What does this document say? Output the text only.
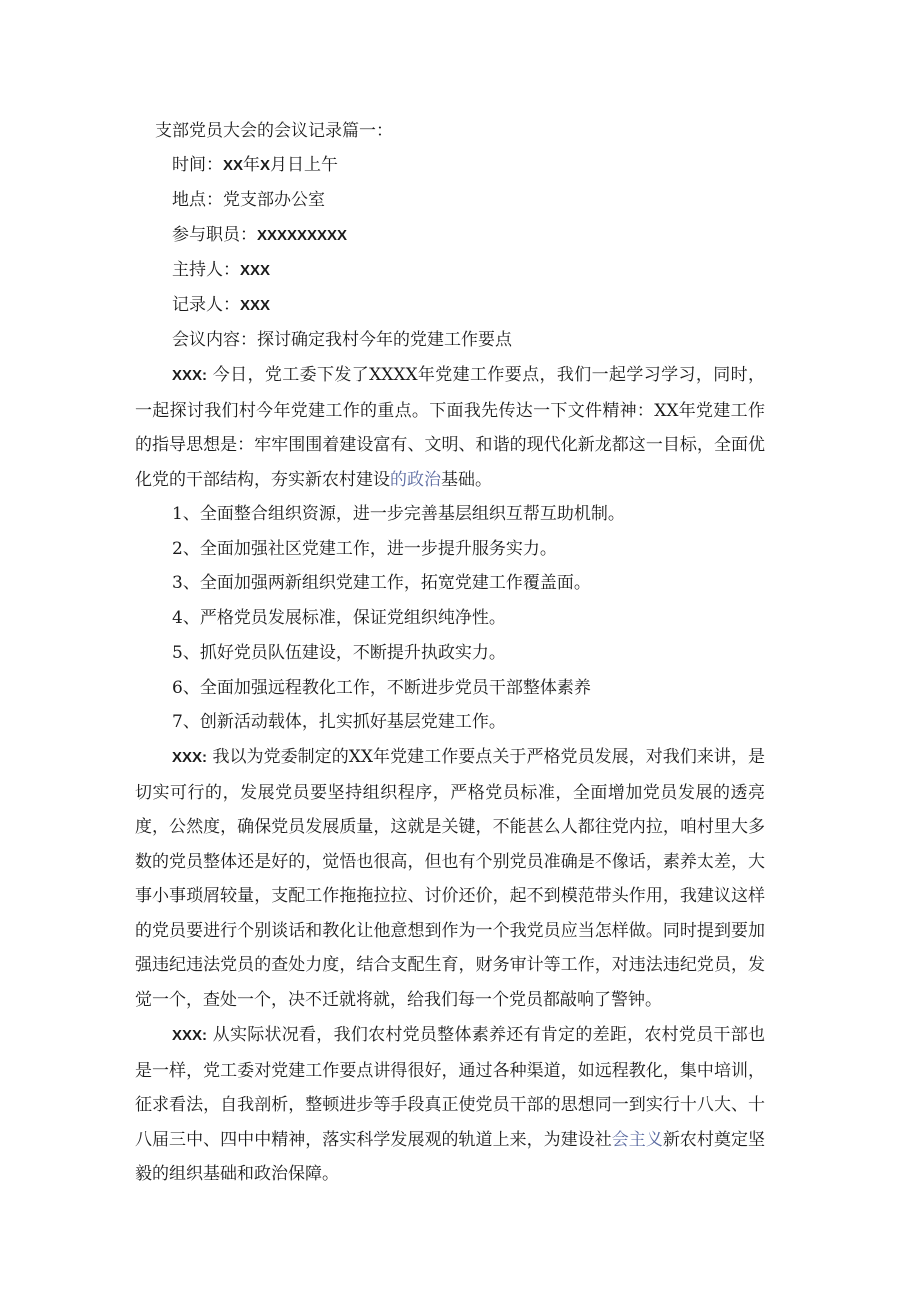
支部党员大会的会议记录篇一：
时间：XX年X月日上午
地点：党支部办公室
参与职员：XXXXXXXXX
主持人：XXX
记录人：XXX
会议内容：探讨确定我村今年的党建工作要点
XXX: 今日，党工委下发了XXXX年党建工作要点，我们一起学习学习，同时，一起探讨我们村今年党建工作的重点。下面我先传达一下文件精神：XX年党建工作的指导思想是：牢牢围围着建设富有、文明、和谐的现代化新龙都这一目标，全面优化党的干部结构，夯实新农村建设的政治基础。
1、全面整合组织资源，进一步完善基层组织互帮互助机制。
2、全面加强社区党建工作，进一步提升服务实力。
3、全面加强两新组织党建工作，拓宽党建工作覆盖面。
4、严格党员发展标准，保证党组织纯净性。
5、抓好党员队伍建设，不断提升执政实力。
6、全面加强远程教化工作，不断进步党员干部整体素养
7、创新活动载体，扎实抓好基层党建工作。
XXX: 我以为党委制定的XX年党建工作要点关于严格党员发展，对我们来讲，是切实可行的，发展党员要坚持组织程序，严格党员标准，全面增加党员发展的透亮度，公然度，确保党员发展质量，这就是关键，不能甚么人都往党内拉，咱村里大多数的党员整体还是好的，觉悟也很高，但也有个别党员准确是不像话，素养太差，大事小事琐屑较量，支配工作拖拖拉拉、讨价还价，起不到模范带头作用，我建议这样的党员要进行个别谈话和教化让他意想到作为一个我党员应当怎样做。同时提到要加强违纪违法党员的查处力度，结合支配生育，财务审计等工作，对违法违纪党员，发觉一个，查处一个，决不迁就将就，给我们每一个党员都敲响了警钟。
XXX: 从实际状况看，我们农村党员整体素养还有肯定的差距，农村党员干部也是一样，党工委对党建工作要点讲得很好，通过各种渠道，如远程教化，集中培训，征求看法，自我剖析，整顿进步等手段真正使党员干部的思想同一到实行十八大、十八届三中、四中中精神，落实科学发展观的轨道上来，为建设社会主义新农村奠定坚毅的组织基础和政治保障。
